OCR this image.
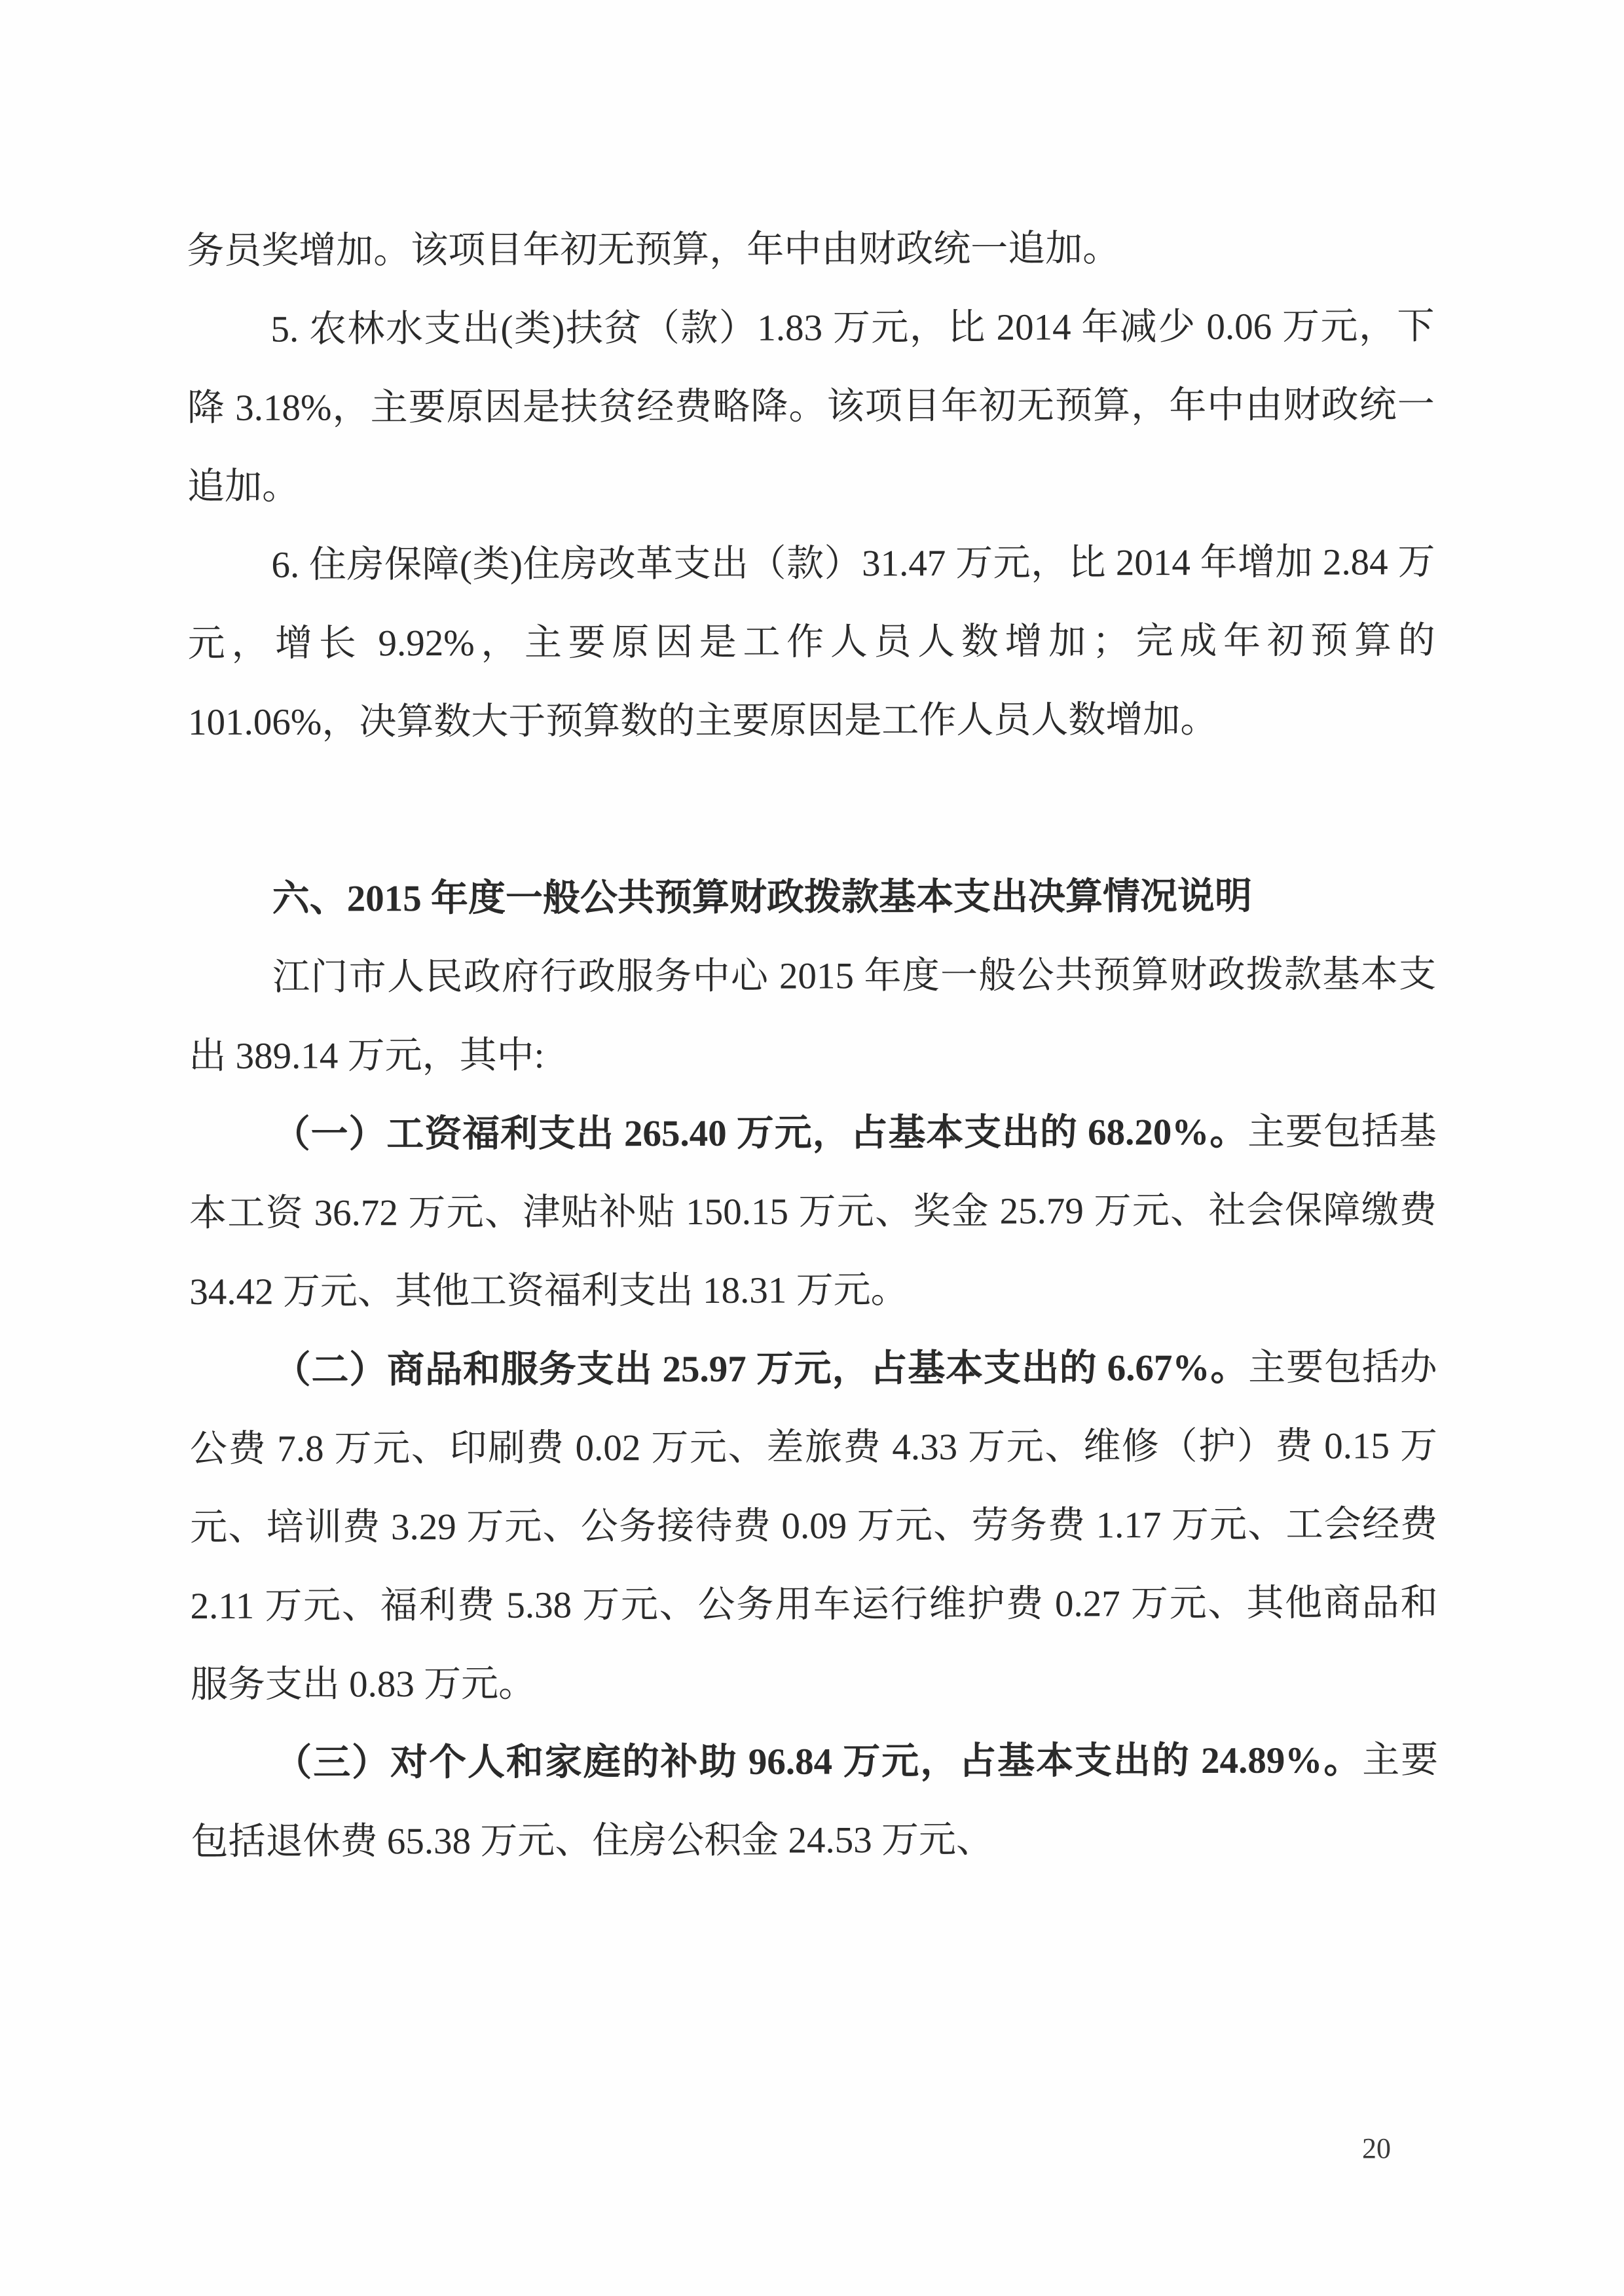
务员奖增加。该项目年初无预算，年中由财政统一追加。

5. 农林水支出(类)扶贫（款）1.83 万元，比 2014 年减少 0.06 万元，下降 3.18%，主要原因是扶贫经费略降。该项目年初无预算，年中由财政统一追加。

6. 住房保障(类)住房改革支出（款）31.47 万元，比 2014 年增加 2.84 万元，增长 9.92%，主要原因是工作人员人数增加；完成年初预算的 101.06%，决算数大于预算数的主要原因是工作人员人数增加。

六、2015 年度一般公共预算财政拨款基本支出决算情况说明

江门市人民政府行政服务中心 2015 年度一般公共预算财政拨款基本支出 389.14 万元，其中:

（一）工资福利支出 265.40 万元，占基本支出的 68.20%。主要包括基本工资 36.72 万元、津贴补贴 150.15 万元、奖金 25.79 万元、社会保障缴费 34.42 万元、其他工资福利支出 18.31 万元。

（二）商品和服务支出 25.97 万元，占基本支出的 6.67%。主要包括办公费 7.8 万元、印刷费 0.02 万元、差旅费 4.33 万元、维修（护）费 0.15 万元、培训费 3.29 万元、公务接待费 0.09 万元、劳务费 1.17 万元、工会经费 2.11 万元、福利费 5.38 万元、公务用车运行维护费 0.27 万元、其他商品和服务支出 0.83 万元。

（三）对个人和家庭的补助 96.84 万元，占基本支出的 24.89%。主要包括退休费 65.38 万元、住房公积金 24.53 万元、

20
